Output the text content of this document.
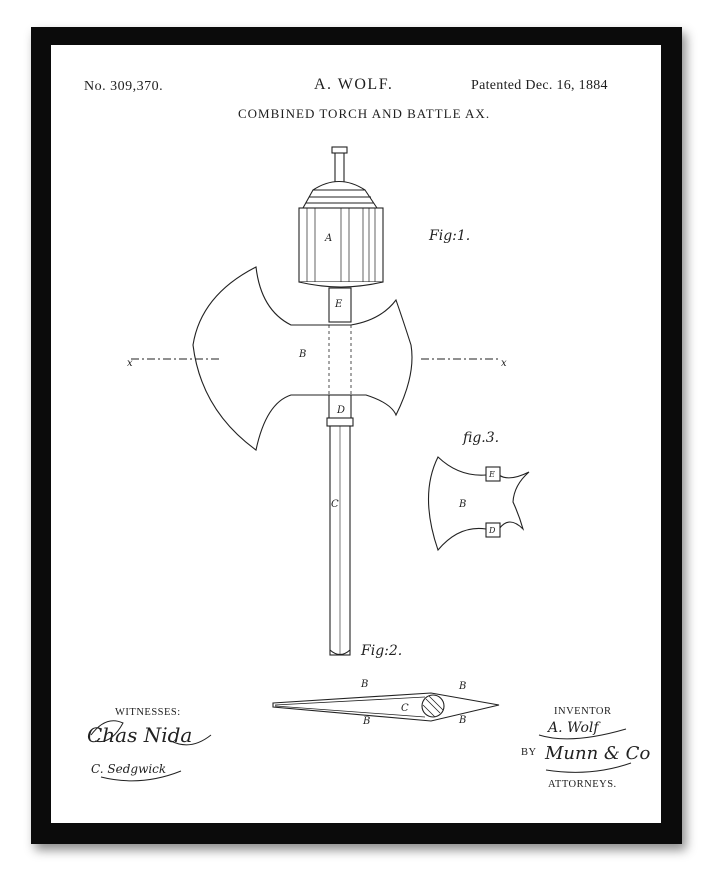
No. 309,370.	A. WOLF.	Patented Dec. 16, 1884
COMBINED TORCH AND BATTLE AX.
A
B
E
D
C
x	x
B
E
D
B	B
B	B
C
Fig:1.
fig.3.
Fig:2.
Chas Nida
C. Sedgwick
A. Wolf
Munn & Co
WITNESSES:	INVENTOR
BY
ATTORNEYS.
